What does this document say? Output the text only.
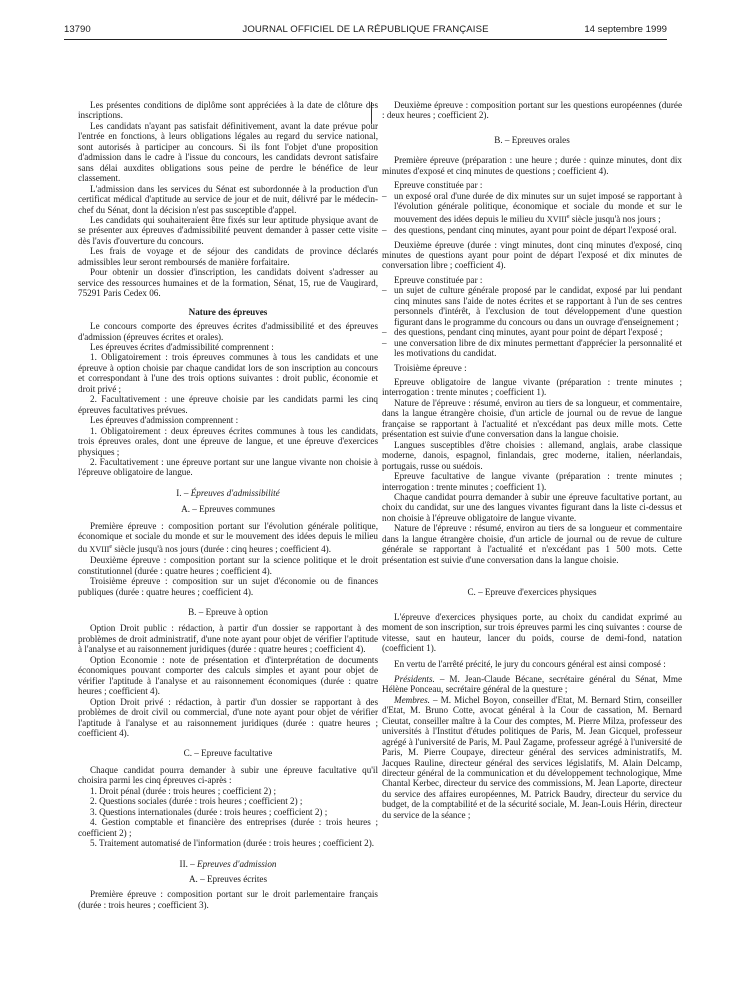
13790	JOURNAL OFFICIEL DE LA RÉPUBLIQUE FRANÇAISE	14 septembre 1999

Les présentes conditions de diplôme sont appréciées à la date de clôture des inscriptions.

Les candidats n'ayant pas satisfait définitivement, avant la date prévue pour l'entrée en fonctions, à leurs obligations légales au regard du service national, sont autorisés à participer au concours. Si ils font l'objet d'une proposition d'admission dans le cadre à l'issue du concours, les candidats devront satisfaire sans délai auxdites obligations sous peine de perdre le bénéfice de leur classement.

L'admission dans les services du Sénat est subordonnée à la production d'un certificat médical d'aptitude au service de jour et de nuit, délivré par le médecin-chef du Sénat, dont la décision n'est pas susceptible d'appel.

Les candidats qui souhaiteraient être fixés sur leur aptitude physique avant de se présenter aux épreuves d'admissibilité peuvent demander à passer cette visite dès l'avis d'ouverture du concours.

Les frais de voyage et de séjour des candidats de province déclarés admissibles leur seront remboursés de manière forfaitaire.

Pour obtenir un dossier d'inscription, les candidats doivent s'adresser au service des ressources humaines et de la formation, Sénat, 15, rue de Vaugirard, 75291 Paris Cedex 06.

Nature des épreuves

Le concours comporte des épreuves écrites d'admissibilité et des épreuves d'admission (épreuves écrites et orales).

Les épreuves écrites d'admissibilité comprennent :

1. Obligatoirement : trois épreuves communes à tous les candidats et une épreuve à option choisie par chaque candidat lors de son inscription au concours et correspondant à l'une des trois options suivantes : droit public, économie et droit privé ;

2. Facultativement : une épreuve choisie par les candidats parmi les cinq épreuves facultatives prévues.

Les épreuves d'admission comprennent :

1. Obligatoirement : deux épreuves écrites communes à tous les candidats, trois épreuves orales, dont une épreuve de langue, et une épreuve d'exercices physiques ;

2. Facultativement : une épreuve portant sur une langue vivante non choisie à l'épreuve obligatoire de langue.

I. – Épreuves d'admissibilité

A. – Epreuves communes

Première épreuve : composition portant sur l'évolution générale politique, économique et sociale du monde et sur le mouvement des idées depuis le milieu du XVIIIe siècle jusqu'à nos jours (durée : cinq heures ; coefficient 4).

Deuxième épreuve : composition portant sur la science politique et le droit constitutionnel (durée : quatre heures ; coefficient 4).

Troisième épreuve : composition sur un sujet d'économie ou de finances publiques (durée : quatre heures ; coefficient 4).

B. – Epreuve à option

Option Droit public : rédaction, à partir d'un dossier se rapportant à des problèmes de droit administratif, d'une note ayant pour objet de vérifier l'aptitude à l'analyse et au raisonnement juridiques (durée : quatre heures ; coefficient 4).

Option Economie : note de présentation et d'interprétation de documents économiques pouvant comporter des calculs simples et ayant pour objet de vérifier l'aptitude à l'analyse et au raisonnement économiques (durée : quatre heures ; coefficient 4).

Option Droit privé : rédaction, à partir d'un dossier se rapportant à des problèmes de droit civil ou commercial, d'une note ayant pour objet de vérifier l'aptitude à l'analyse et au raisonnement juridiques (durée : quatre heures ; coefficient 4).

C. – Epreuve facultative

Chaque candidat pourra demander à subir une épreuve facultative qu'il choisira parmi les cinq épreuves ci-après :

1. Droit pénal (durée : trois heures ; coefficient 2) ;

2. Questions sociales (durée : trois heures ; coefficient 2) ;

3. Questions internationales (durée : trois heures ; coefficient 2) ;

4. Gestion comptable et financière des entreprises (durée : trois heures ; coefficient 2) ;

5. Traitement automatisé de l'information (durée : trois heures ; coefficient 2).

II. – Epreuves d'admission

A. – Epreuves écrites

Première épreuve : composition portant sur le droit parlementaire français (durée : trois heures ; coefficient 3).

Deuxième épreuve : composition portant sur les questions européennes (durée : deux heures ; coefficient 2).

B. – Epreuves orales

Première épreuve (préparation : une heure ; durée : quinze minutes, dont dix minutes d'exposé et cinq minutes de questions ; coefficient 4).

Epreuve constituée par :

– un exposé oral d'une durée de dix minutes sur un sujet imposé se rapportant à l'évolution générale politique, économique et sociale du monde et sur le mouvement des idées depuis le milieu du XVIIIe siècle jusqu'à nos jours ;
– des questions, pendant cinq minutes, ayant pour point de départ l'exposé oral.

Deuxième épreuve (durée : vingt minutes, dont cinq minutes d'exposé, cinq minutes de questions ayant pour point de départ l'exposé et dix minutes de conversation libre ; coefficient 4).

Epreuve constituée par :

– un sujet de culture générale proposé par le candidat, exposé par lui pendant cinq minutes sans l'aide de notes écrites et se rapportant à l'un de ses centres personnels d'intérêt, à l'exclusion de tout développement d'une question figurant dans le programme du concours ou dans un ouvrage d'enseignement ;
– des questions, pendant cinq minutes, ayant pour point de départ l'exposé ;
– une conversation libre de dix minutes permettant d'apprécier la personnalité et les motivations du candidat.

Troisième épreuve :

Epreuve obligatoire de langue vivante (préparation : trente minutes ; interrogation : trente minutes ; coefficient 1).

Nature de l'épreuve : résumé, environ au tiers de sa longueur, et commentaire, dans la langue étrangère choisie, d'un article de journal ou de revue de langue française se rapportant à l'actualité et n'excédant pas deux mille mots. Cette présentation est suivie d'une conversation dans la langue choisie.

Langues susceptibles d'être choisies : allemand, anglais, arabe classique moderne, danois, espagnol, finlandais, grec moderne, italien, néerlandais, portugais, russe ou suédois.

Epreuve facultative de langue vivante (préparation : trente minutes ; interrogation : trente minutes ; coefficient 1).

Chaque candidat pourra demander à subir une épreuve facultative portant, au choix du candidat, sur une des langues vivantes figurant dans la liste ci-dessus et non choisie à l'épreuve obligatoire de langue vivante.

Nature de l'épreuve : résumé, environ au tiers de sa longueur et commentaire dans la langue étrangère choisie, d'un article de journal ou de revue de culture générale se rapportant à l'actualité et n'excédant pas 1 500 mots. Cette présentation est suivie d'une conversation dans la langue choisie.

C. – Epreuve d'exercices physiques

L'épreuve d'exercices physiques porte, au choix du candidat exprimé au moment de son inscription, sur trois épreuves parmi les cinq suivantes : course de vitesse, saut en hauteur, lancer du poids, course de demi-fond, natation (coefficient 1).

En vertu de l'arrêté précité, le jury du concours général est ainsi composé :

Présidents. – M. Jean-Claude Bécane, secrétaire général du Sénat, Mme Hélène Ponceau, secrétaire général de la questure ;

Membres. – M. Michel Boyon, conseiller d'Etat, M. Bernard Stirn, conseiller d'Etat, M. Bruno Cotte, avocat général à la Cour de cassation, M. Bernard Cieutat, conseiller maître à la Cour des comptes, M. Pierre Milza, professeur des universités à l'Institut d'études politiques de Paris, M. Jean Gicquel, professeur agrégé à l'université de Paris, M. Paul Zagame, professeur agrégé à l'université de Paris, M. Pierre Coupaye, directeur général des services administratifs, M. Jacques Rauline, directeur général des services législatifs, M. Alain Delcamp, directeur général de la communication et du développement technologique, Mme Chantal Kerbec, directeur du service des commissions, M. Jean Laporte, directeur du service des affaires européennes, M. Patrick Baudry, directeur du service du budget, de la comptabilité et de la sécurité sociale, M. Jean-Louis Hérin, directeur du service de la séance ;
